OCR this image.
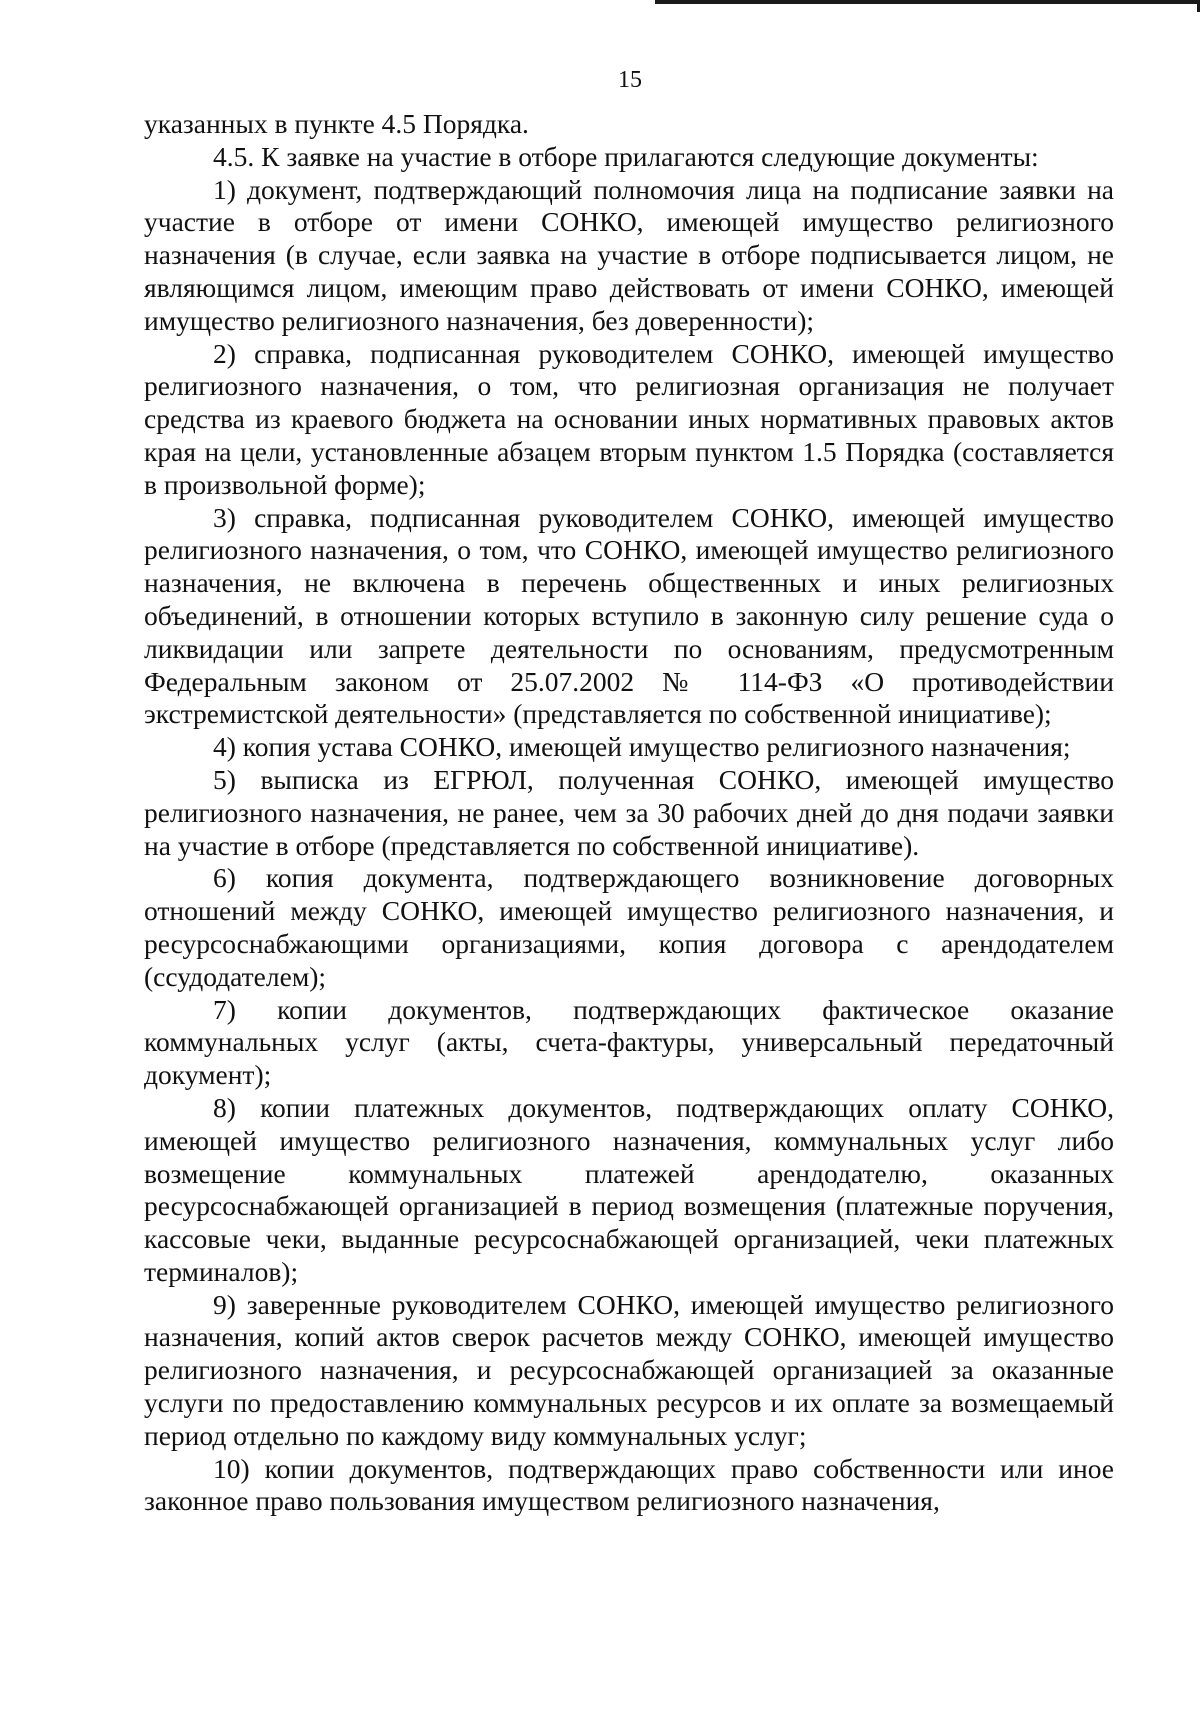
15

указанных в пункте 4.5 Порядка.

4.5. К заявке на участие в отборе прилагаются следующие документы:

1) документ, подтверждающий полномочия лица на подписание заявки на участие в отборе от имени СОНКО, имеющей имущество религиозного назначения (в случае, если заявка на участие в отборе подписывается лицом, не являющимся лицом, имеющим право действовать от имени СОНКО, имеющей имущество религиозного назначения, без доверенности);

2) справка, подписанная руководителем СОНКО, имеющей имущество религиозного назначения, о том, что религиозная организация не получает средства из краевого бюджета на основании иных нормативных правовых актов края на цели, установленные абзацем вторым пунктом 1.5 Порядка (составляется в произвольной форме);

3) справка, подписанная руководителем СОНКО, имеющей имущество религиозного назначения, о том, что СОНКО, имеющей имущество религиозного назначения, не включена в перечень общественных и иных религиозных объединений, в отношении которых вступило в законную силу решение суда о ликвидации или запрете деятельности по основаниям, предусмотренным Федеральным законом от 25.07.2002 № 114-ФЗ «О противодействии экстремистской деятельности» (представляется по собственной инициативе);

4) копия устава СОНКО, имеющей имущество религиозного назначения;

5) выписка из ЕГРЮЛ, полученная СОНКО, имеющей имущество религиозного назначения, не ранее, чем за 30 рабочих дней до дня подачи заявки на участие в отборе (представляется по собственной инициативе).

6) копия документа, подтверждающего возникновение договорных отношений между СОНКО, имеющей имущество религиозного назначения, и ресурсоснабжающими организациями, копия договора с арендодателем (ссудодателем);

7) копии документов, подтверждающих фактическое оказание коммунальных услуг (акты, счета-фактуры, универсальный передаточный документ);

8) копии платежных документов, подтверждающих оплату СОНКО, имеющей имущество религиозного назначения, коммунальных услуг либо возмещение коммунальных платежей арендодателю, оказанных ресурсоснабжающей организацией в период возмещения (платежные поручения, кассовые чеки, выданные ресурсоснабжающей организацией, чеки платежных терминалов);

9) заверенные руководителем СОНКО, имеющей имущество религиозного назначения, копий актов сверок расчетов между СОНКО, имеющей имущество религиозного назначения, и ресурсоснабжающей организацией за оказанные услуги по предоставлению коммунальных ресурсов и их оплате за возмещаемый период отдельно по каждому виду коммунальных услуг;

10) копии документов, подтверждающих право собственности или иное законное право пользования имуществом религиозного назначения,
